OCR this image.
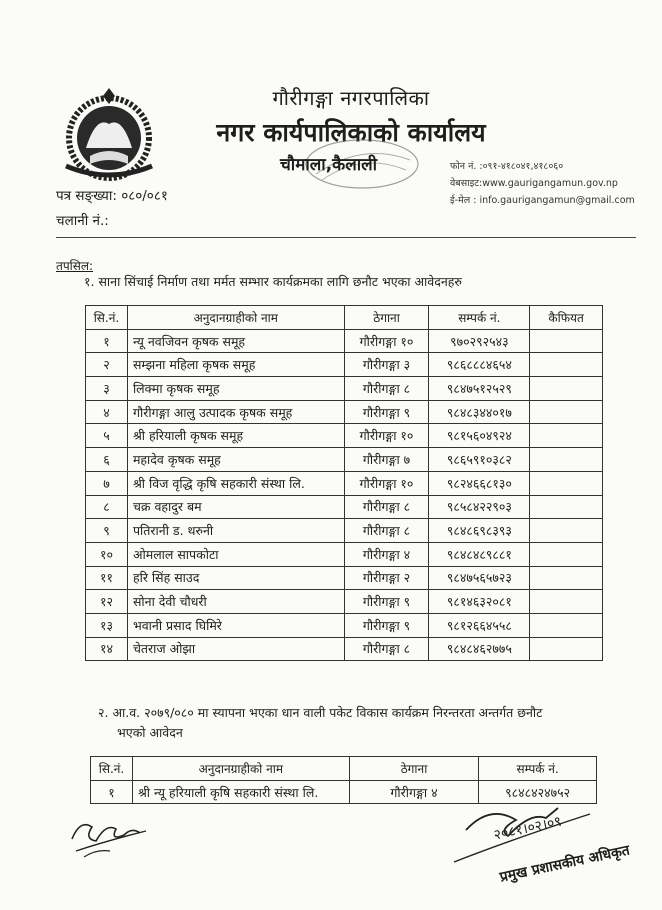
गौरीगङ्गा नगरपालिका
नगर कार्यपालिकाको कार्यालय
चौमाला,कैलाली	फोन नं. :०९१-४१८०४१,४१८०६०
वेबसाइट:www.gaurigangamun.gov.np
ई-मेल : info.gaurigangamun@gmail.com
पत्र सङ्ख्या: ०८०/०८१
चलानी नं.:
तपसिल:
१. साना सिंचाई निर्माण तथा मर्मत सम्भार कार्यक्रमका लागि छनौट भएका आवेदनहरु
सि.नं.	अनुदानग्राहीको नाम	ठेगाना	सम्पर्क नं.	कैफियत
१	न्यू नवजिवन कृषक समूह	गौरीगङ्गा १०	९७०२९२५४३	
२	सम्झना महिला कृषक समूह	गौरीगङ्गा ३	९८६८८८४६५४	
३	लिक्मा कृषक समूह	गौरीगङ्गा ८	९८४७५१२५२९	
४	गौरीगङ्गा आलु उत्पादक कृषक समूह	गौरीगङ्गा ९	९८४८३४४०१७	
५	श्री हरियाली कृषक समूह	गौरीगङ्गा १०	९८१५६०४९२४	
६	महादेव कृषक समूह	गौरीगङ्गा ७	९८६५९१०३८२	
७	श्री विज वृद्धि कृषि सहकारी संस्था लि.	गौरीगङ्गा १०	९८२४६६८१३०	
८	चक्र वहादुर बम	गौरीगङ्गा ८	९८५८४२२९०३	
९	पतिरानी ड. थरुनी	गौरीगङ्गा ८	९८४८६९८३९३	
१०	ओमलाल सापकोटा	गौरीगङ्गा ४	९८४८४८९८८१	
११	हरि सिंह साउद	गौरीगङ्गा २	९८४७५६५७२३	
१२	सोना देवी चौधरी	गौरीगङ्गा ९	९८१४६३२०८१	
१३	भवानी प्रसाद घिमिरे	गौरीगङ्गा ९	९८१२६६४५५८	
१४	चेतराज ओझा	गौरीगङ्गा ८	९८४८४६२७७५	
२. आ.व. २०७९/०८० मा स्यापना भएका धान वाली पकेट विकास कार्यक्रम निरन्तरता अन्तर्गत छनौट
भएको आवेदन
सि.नं.	अनुदानग्राहीको नाम	ठेगाना	सम्पर्क नं.
१	श्री न्यू हरियाली कृषि सहकारी संस्था लि.	गौरीगङ्गा ४	९८४८४२४७५२
२०८१।०२।०९
प्रमुख प्रशासकीय अधिकृत
